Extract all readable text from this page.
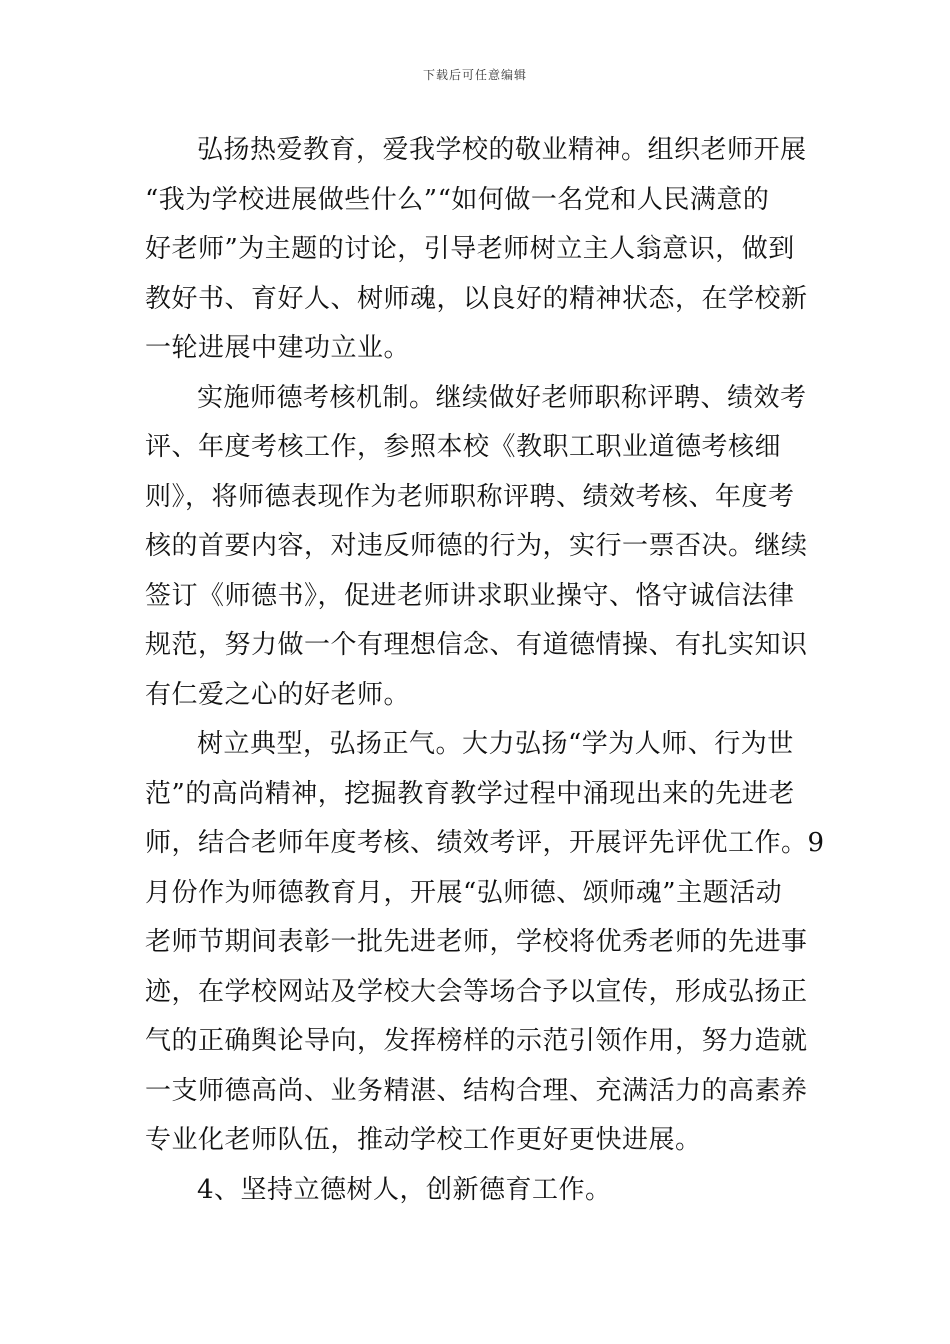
下载后可任意编辑
弘扬热爱教育，爱我学校的敬业精神。组织老师开展
“我为学校进展做些什么”“如何做一名党和人民满意的
好老师”为主题的讨论，引导老师树立主人翁意识，做到
教好书、育好人、树师魂，以良好的精神状态，在学校新
一轮进展中建功立业。
实施师德考核机制。继续做好老师职称评聘、绩效考
评、年度考核工作，参照本校《教职工职业道德考核细
则》，将师德表现作为老师职称评聘、绩效考核、年度考
核的首要内容，对违反师德的行为，实行一票否决。继续
签订《师德书》，促进老师讲求职业操守、恪守诚信法律
规范，努力做一个有理想信念、有道德情操、有扎实知识
有仁爱之心的好老师。
树立典型，弘扬正气。大力弘扬“学为人师、行为世
范”的高尚精神，挖掘教育教学过程中涌现出来的先进老
师，结合老师年度考核、绩效考评，开展评先评优工作。9
月份作为师德教育月，开展“弘师德、颂师魂”主题活动
老师节期间表彰一批先进老师，学校将优秀老师的先进事
迹，在学校网站及学校大会等场合予以宣传，形成弘扬正
气的正确舆论导向，发挥榜样的示范引领作用，努力造就
一支师德高尚、业务精湛、结构合理、充满活力的高素养
专业化老师队伍，推动学校工作更好更快进展。
4、坚持立德树人，创新德育工作。
